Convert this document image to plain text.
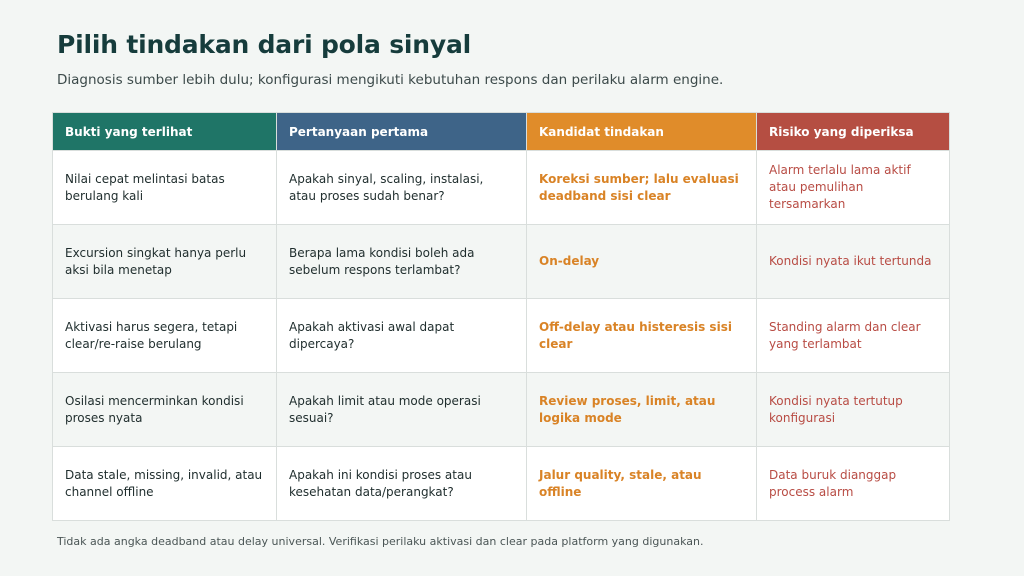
Pilih tindakan dari pola sinyal
Diagnosis sumber lebih dulu; konfigurasi mengikuti kebutuhan respons dan perilaku alarm engine.
Bukti yang terlihat	Pertanyaan pertama	Kandidat tindakan	Risiko yang diperiksa
Nilai cepat melintasi batas berulang kali	Apakah sinyal, scaling, instalasi, atau proses sudah benar?	Koreksi sumber; lalu evaluasi deadband sisi clear	Alarm terlalu lama aktif atau pemulihan tersamarkan
Excursion singkat hanya perlu aksi bila menetap	Berapa lama kondisi boleh ada sebelum respons terlambat?	On-delay	Kondisi nyata ikut tertunda
Aktivasi harus segera, tetapi clear/re-raise berulang	Apakah aktivasi awal dapat dipercaya?	Off-delay atau histeresis sisi clear	Standing alarm dan clear yang terlambat
Osilasi mencerminkan kondisi proses nyata	Apakah limit atau mode operasi sesuai?	Review proses, limit, atau logika mode	Kondisi nyata tertutup konfigurasi
Data stale, missing, invalid, atau channel offline	Apakah ini kondisi proses atau kesehatan data/perangkat?	Jalur quality, stale, atau offline	Data buruk dianggap process alarm
Tidak ada angka deadband atau delay universal. Verifikasi perilaku aktivasi dan clear pada platform yang digunakan.
